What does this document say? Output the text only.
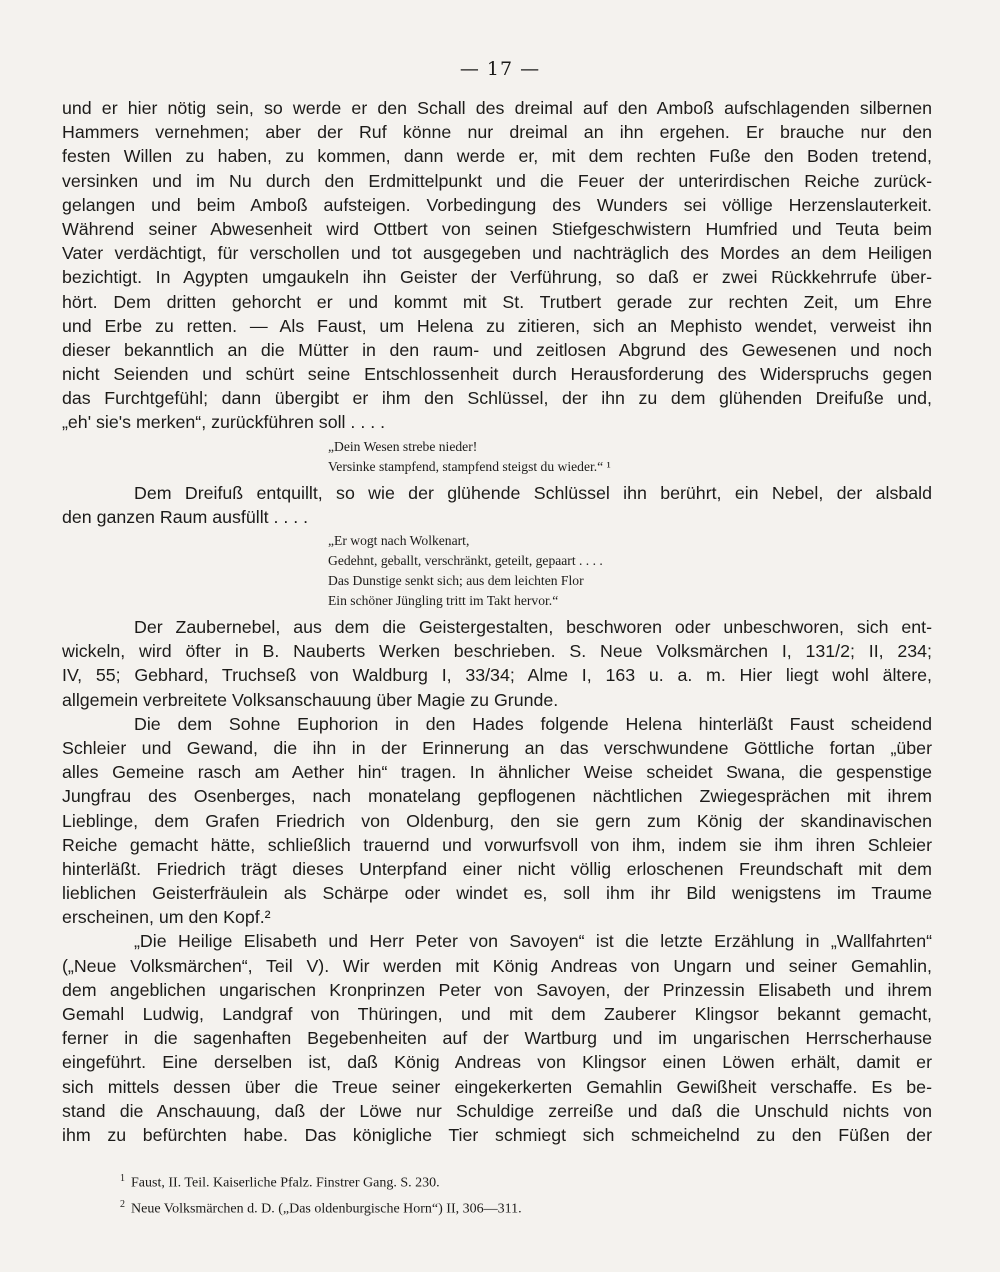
— 17 —
und er hier nötig sein, so werde er den Schall des dreimal auf den Amboß aufschlagenden silbernen
Hammers vernehmen; aber der Ruf könne nur dreimal an ihn ergehen. Er brauche nur den
festen Willen zu haben, zu kommen, dann werde er, mit dem rechten Fuße den Boden tretend,
versinken und im Nu durch den Erdmittelpunkt und die Feuer der unterirdischen Reiche zurück-
gelangen und beim Amboß aufsteigen. Vorbedingung des Wunders sei völlige Herzenslauterkeit.
Während seiner Abwesenheit wird Ottbert von seinen Stiefgeschwistern Humfried und Teuta beim
Vater verdächtigt, für verschollen und tot ausgegeben und nachträglich des Mordes an dem Heiligen
bezichtigt. In Agypten umgaukeln ihn Geister der Verführung, so daß er zwei Rückkehrrufe über-
hört. Dem dritten gehorcht er und kommt mit St. Trutbert gerade zur rechten Zeit, um Ehre
und Erbe zu retten. — Als Faust, um Helena zu zitieren, sich an Mephisto wendet, verweist ihn
dieser bekanntlich an die Mütter in den raum- und zeitlosen Abgrund des Gewesenen und noch
nicht Seienden und schürt seine Entschlossenheit durch Herausforderung des Widerspruchs gegen
das Furchtgefühl; dann übergibt er ihm den Schlüssel, der ihn zu dem glühenden Dreifuße und,
„eh' sie's merken“, zurückführen soll . . . .
„Dein Wesen strebe nieder!
Versinke stampfend, stampfend steigst du wieder.“ ¹
Dem Dreifuß entquillt, so wie der glühende Schlüssel ihn berührt, ein Nebel, der alsbald
den ganzen Raum ausfüllt . . . .
„Er wogt nach Wolkenart,
Gedehnt, geballt, verschränkt, geteilt, gepaart . . . .
Das Dunstige senkt sich; aus dem leichten Flor
Ein schöner Jüngling tritt im Takt hervor.“
Der Zaubernebel, aus dem die Geistergestalten, beschworen oder unbeschworen, sich ent-
wickeln, wird öfter in B. Nauberts Werken beschrieben. S. Neue Volksmärchen I, 131/2; II, 234;
IV, 55; Gebhard, Truchseß von Waldburg I, 33/34; Alme I, 163 u. a. m. Hier liegt wohl ältere,
allgemein verbreitete Volksanschauung über Magie zu Grunde.
Die dem Sohne Euphorion in den Hades folgende Helena hinterläßt Faust scheidend
Schleier und Gewand, die ihn in der Erinnerung an das verschwundene Göttliche fortan „über
alles Gemeine rasch am Aether hin“ tragen. In ähnlicher Weise scheidet Swana, die gespenstige
Jungfrau des Osenberges, nach monatelang gepflogenen nächtlichen Zwiegesprächen mit ihrem
Lieblinge, dem Grafen Friedrich von Oldenburg, den sie gern zum König der skandinavischen
Reiche gemacht hätte, schließlich trauernd und vorwurfsvoll von ihm, indem sie ihm ihren Schleier
hinterläßt. Friedrich trägt dieses Unterpfand einer nicht völlig erloschenen Freundschaft mit dem
lieblichen Geisterfräulein als Schärpe oder windet es, soll ihm ihr Bild wenigstens im Traume
erscheinen, um den Kopf.²
„Die Heilige Elisabeth und Herr Peter von Savoyen“ ist die letzte Erzählung in „Wallfahrten“
(„Neue Volksmärchen“, Teil V). Wir werden mit König Andreas von Ungarn und seiner Gemahlin,
dem angeblichen ungarischen Kronprinzen Peter von Savoyen, der Prinzessin Elisabeth und ihrem
Gemahl Ludwig, Landgraf von Thüringen, und mit dem Zauberer Klingsor bekannt gemacht,
ferner in die sagenhaften Begebenheiten auf der Wartburg und im ungarischen Herrscherhause
eingeführt. Eine derselben ist, daß König Andreas von Klingsor einen Löwen erhält, damit er
sich mittels dessen über die Treue seiner eingekerkerten Gemahlin Gewißheit verschaffe. Es be-
stand die Anschauung, daß der Löwe nur Schuldige zerreiße und daß die Unschuld nichts von
ihm zu befürchten habe. Das königliche Tier schmiegt sich schmeichelnd zu den Füßen der
$^1$ Faust, II. Teil. Kaiserliche Pfalz. Finstrer Gang. S. 230.
$^2$ Neue Volksmärchen d. D. („Das oldenburgische Horn“) II, 306—311.
